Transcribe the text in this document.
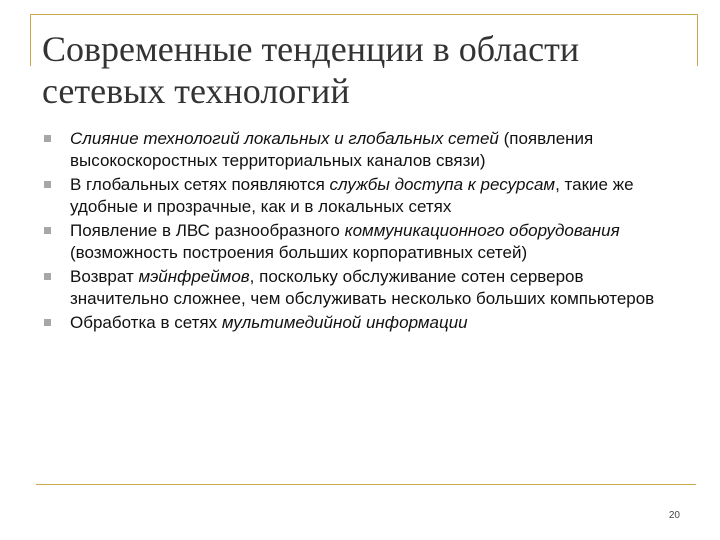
Современные тенденции в области сетевых технологий
Слияние технологий локальных и глобальных сетей (появления высокоскоростных территориальных каналов связи)
В глобальных сетях появляются службы доступа к ресурсам, такие же удобные и прозрачные, как и в локальных сетях
Появление в ЛВС разнообразного коммуникационного оборудования (возможность построения больших корпоративных сетей)
Возврат мэйнфреймов, поскольку обслуживание сотен серверов значительно сложнее, чем обслуживать несколько больших компьютеров
Обработка в сетях мультимедийной информации
20
